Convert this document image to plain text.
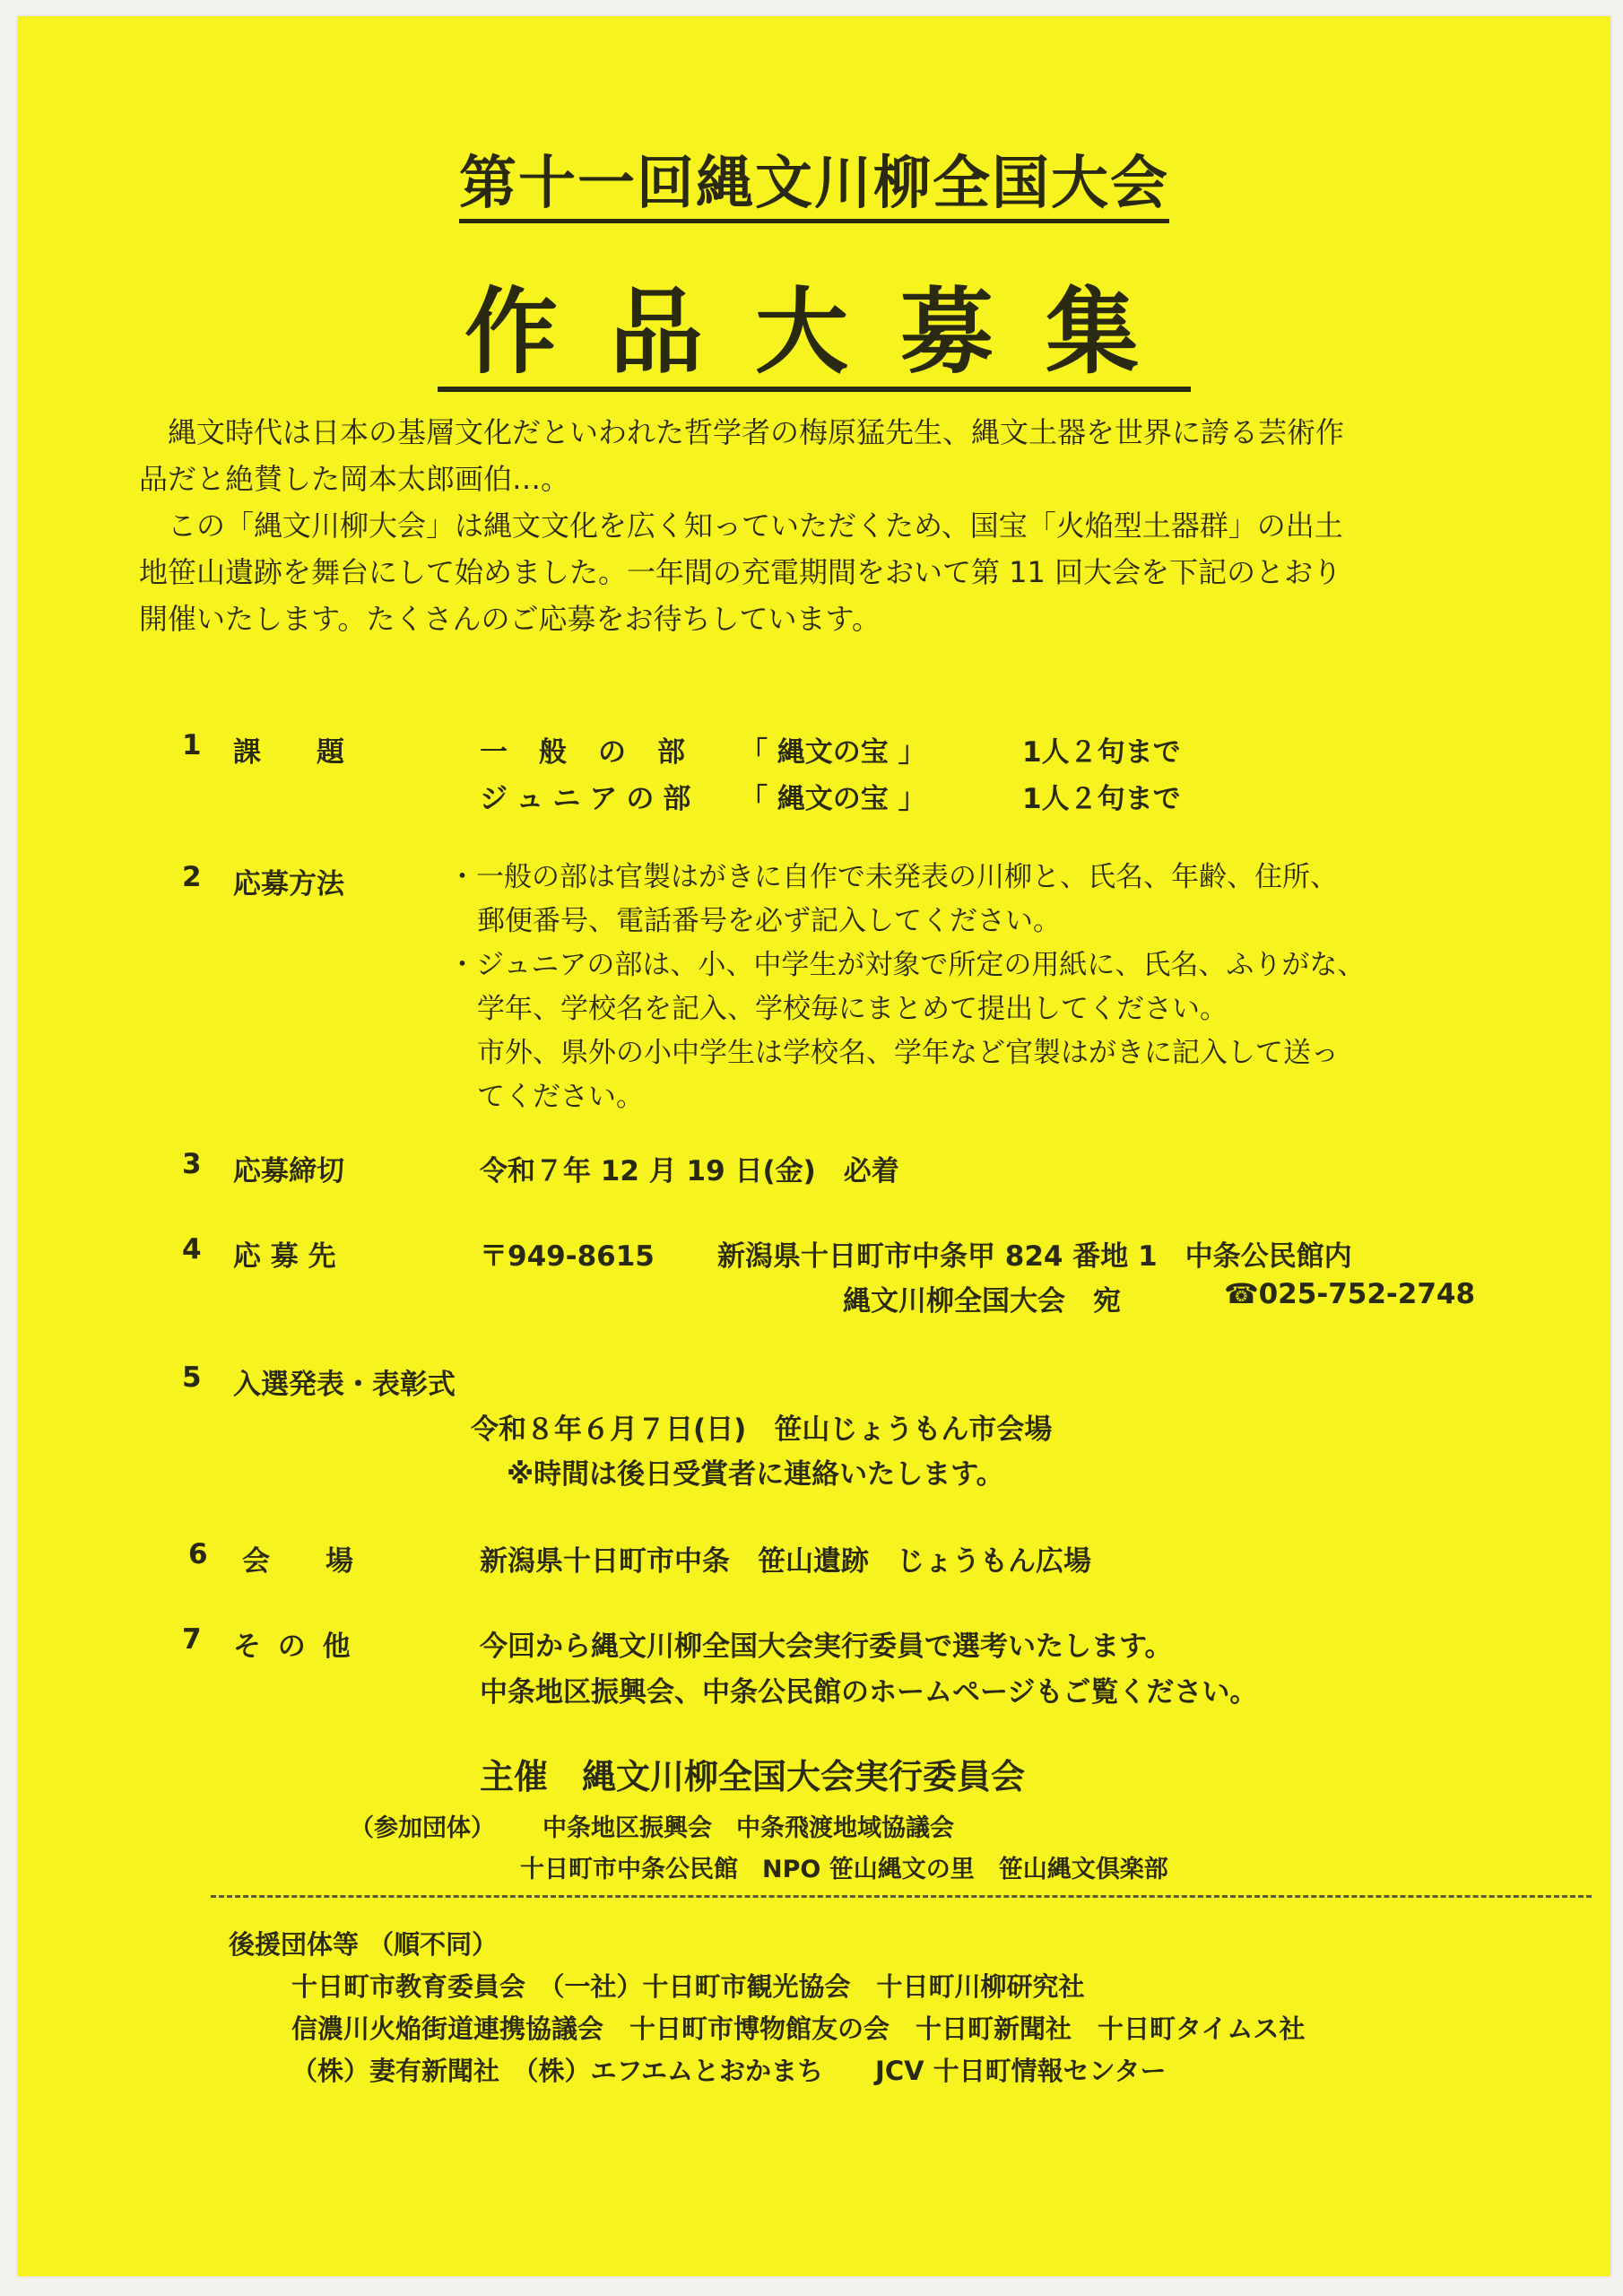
第十一回縄文川柳全国大会
作品大募集

縄文時代は日本の基層文化だといわれた哲学者の梅原猛先生、縄文土器を世界に誇る芸術作

品だと絶賛した岡本太郎画伯…。

この「縄文川柳大会」は縄文文化を広く知っていただくため、国宝「火焔型土器群」の出土

地笹山遺跡を舞台にして始めました。一年間の充電期間をおいて第 11 回大会を下記のとおり

開催いたします。たくさんのご応募をお待ちしています。

1 課　　題	一　般　の　部 「 縄文の宝 」	1人２句まで
ジュニアの部 「 縄文の宝 」	1人２句まで
2 応募方法	・一般の部は官製はがきに自作で未発表の川柳と、氏名、年齢、住所、
郵便番号、電話番号を必ず記入してください。
・ジュニアの部は、小、中学生が対象で所定の用紙に、氏名、ふりがな、
学年、学校名を記入、学校毎にまとめて提出してください。
市外、県外の小中学生は学校名、学年など官製はがきに記入して送っ
てください。
3 応募締切	令和７年 12 月 19 日(金)　必着
4 応 募 先	〒949-8615 新潟県十日町市中条甲 824 番地 1　中条公民館内
縄文川柳全国大会　宛	☎025-752-2748
5 入選発表・表彰式
令和８年６月７日(日)　笹山じょうもん市会場
※時間は後日受賞者に連絡いたします。
6 会　　場	新潟県十日町市中条　笹山遺跡　じょうもん広場
7 そ の 他	今回から縄文川柳全国大会実行委員で選考いたします。
中条地区振興会、中条公民館のホームページもご覧ください。
主催　縄文川柳全国大会実行委員会
（参加団体） 中条地区振興会　中条飛渡地域協議会
十日町市中条公民館　NPO 笹山縄文の里　笹山縄文倶楽部
後援団体等 （順不同）
十日町市教育委員会　（一社）十日町市観光協会　十日町川柳研究社
信濃川火焔街道連携協議会　十日町市博物館友の会　十日町新聞社　十日町タイムス社
（株）妻有新聞社　（株）エフエムとおかまち　　JCV 十日町情報センター
